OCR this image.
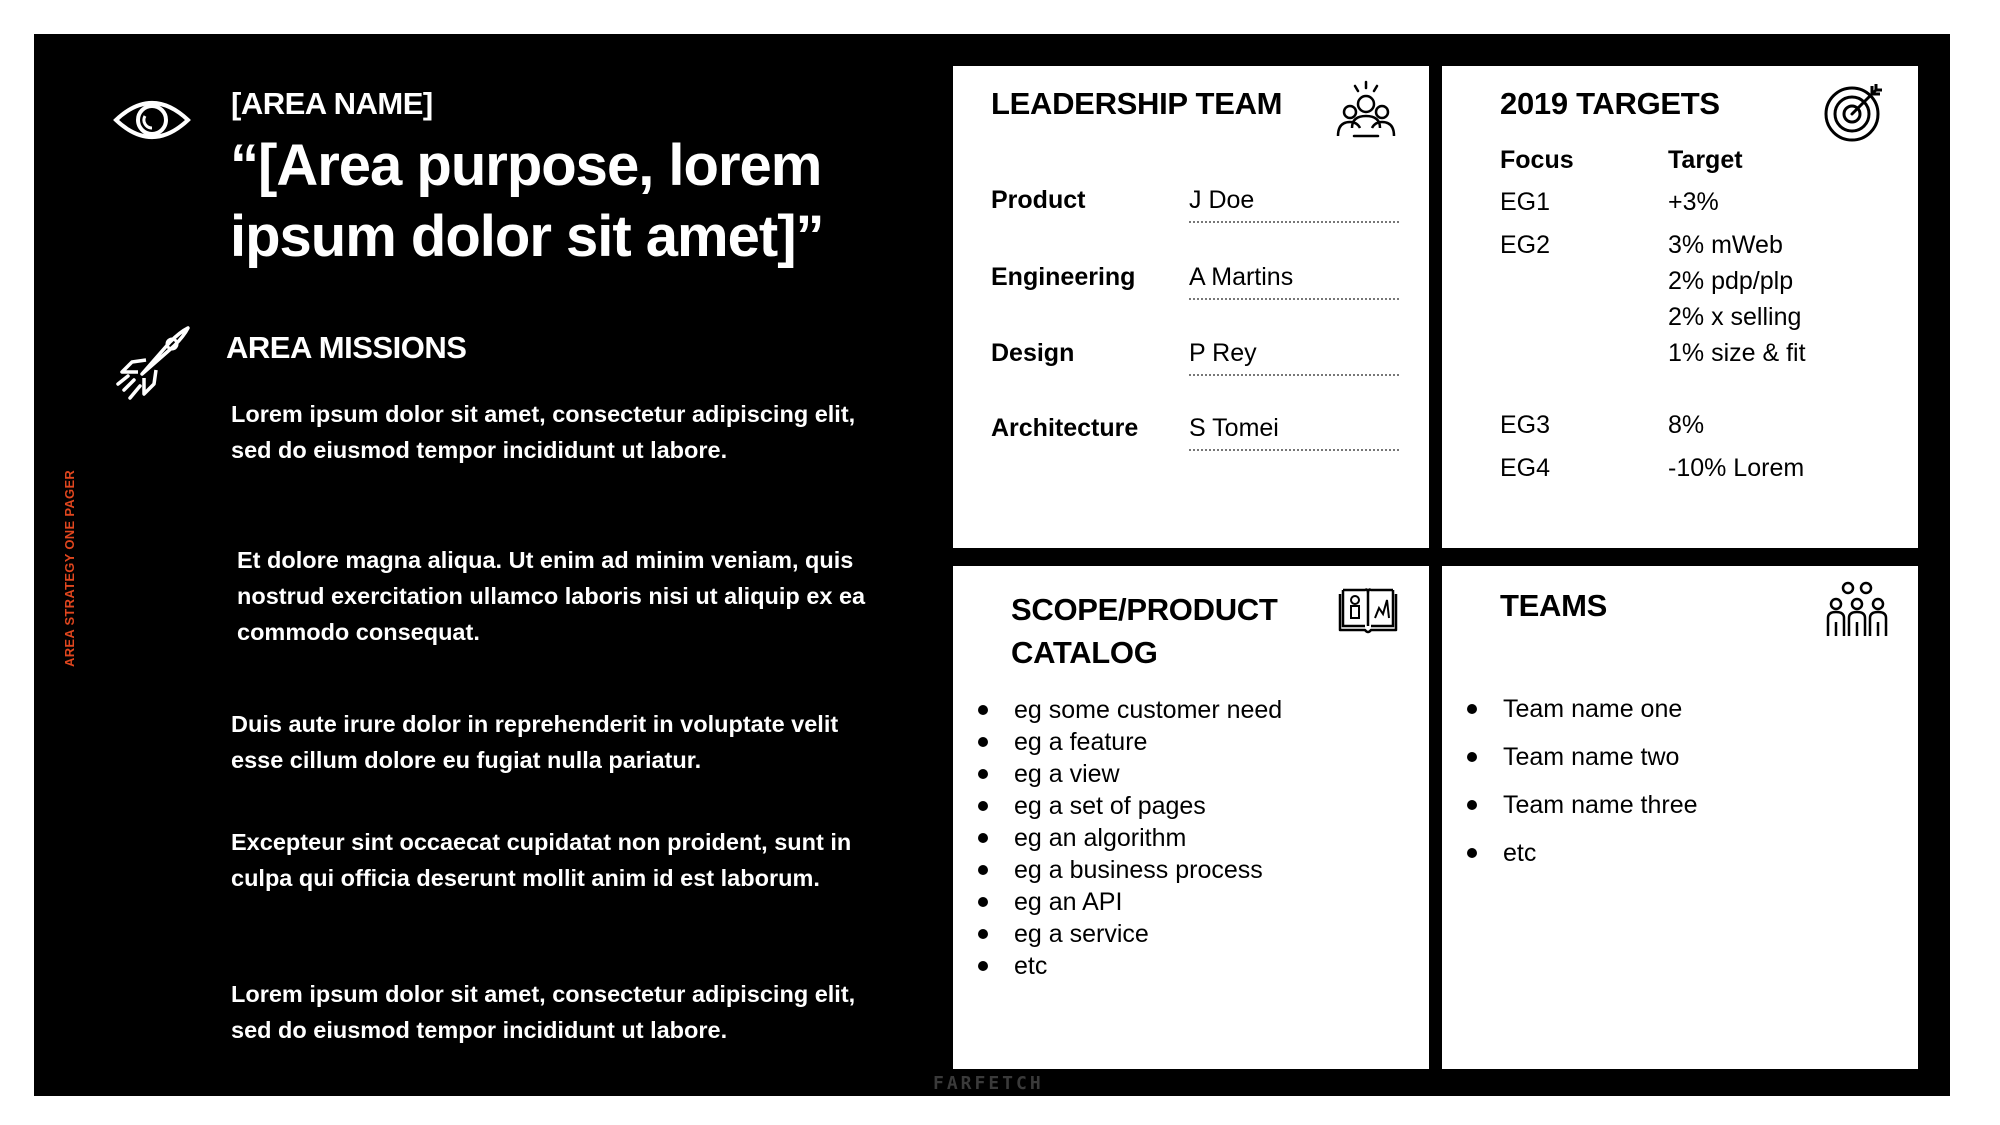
AREA STRATEGY ONE PAGER
[AREA NAME]
“[Area purpose, lorem ipsum dolor sit amet]”
AREA MISSIONS
Lorem ipsum dolor sit amet, consectetur adipiscing elit, sed do eiusmod tempor incididunt ut labore.
Et dolore magna aliqua. Ut enim ad minim veniam, quis nostrud exercitation ullamco laboris nisi ut aliquip ex ea commodo consequat.
Duis aute irure dolor in reprehenderit in voluptate velit esse cillum dolore eu fugiat nulla pariatur.
Excepteur sint occaecat cupidatat non proident, sunt in culpa qui officia deserunt mollit anim id est laborum.
Lorem ipsum dolor sit amet, consectetur adipiscing elit, sed do eiusmod tempor incididunt ut labore.
LEADERSHIP TEAM
Product	J Doe
Engineering A Martins
Design	P Rey
Architecture S Tomei
2019 TARGETS
Focus	Target
EG1	+3%
EG2	3% mWeb
2% pdp/plp
2% x selling
1% size & fit
EG3	8%
EG4	-10% Lorem
SCOPE/PRODUCT
CATALOG
eg some customer need
eg a feature
eg a view
eg a set of pages
eg an algorithm
eg a business process
eg an API
eg a service
etc
TEAMS
Team name one
Team name two
Team name three
etc
FARFETCH
